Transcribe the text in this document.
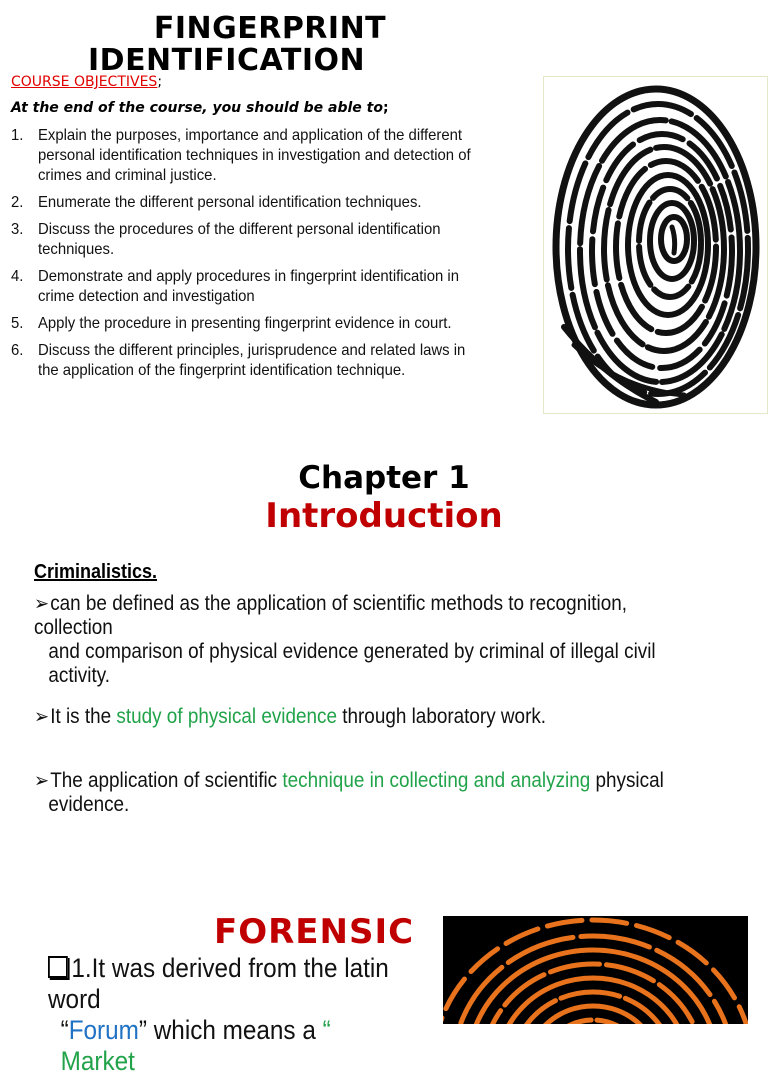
FINGERPRINT
IDENTIFICATION
COURSE OBJECTIVES;
At the end of the course, you should be able to;
1. Explain the purposes, importance and application of the different personal identification techniques in investigation and detection of crimes and criminal justice.
2. Enumerate the different personal identification techniques.
3. Discuss the procedures of the different personal identification techniques.
4. Demonstrate and apply procedures in fingerprint identification in crime detection and investigation
5. Apply the procedure in presenting fingerprint evidence in court.
6. Discuss the different principles, jurisprudence and related laws in the application of the fingerprint identification technique.
Chapter 1
Introduction
Criminalistics.
➢can be defined as the application of scientific methods to recognition, collection
and comparison of physical evidence generated by criminal of illegal civil
activity.
➢It is the study of physical evidence through laboratory work.
➢The application of scientific technique in collecting and analyzing physical
evidence.
FORENSIC
1.It was derived from the latin word
“Forum” which means a “ Market
